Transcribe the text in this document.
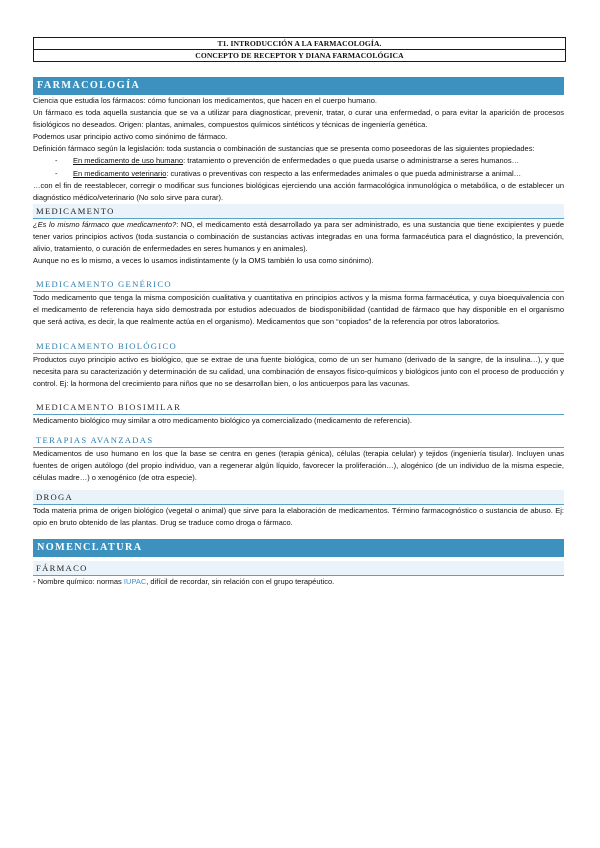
T1. INTRODUCCIÓN A LA FARMACOLOGÍA.
CONCEPTO DE RECEPTOR Y DIANA FARMACOLÓGICA
FARMACOLOGÍA

Ciencia que estudia los fármacos: cómo funcionan los medicamentos, que hacen en el cuerpo humano.

Un fármaco es toda aquella sustancia que se va a utilizar para diagnosticar, prevenir, tratar, o curar una enfermedad, o para evitar la aparición de procesos fisiológicos no deseados. Origen: plantas, animales, compuestos químicos sintéticos y técnicas de ingeniería genética.

Podemos usar principio activo como sinónimo de fármaco.

Definición fármaco según la legislación: toda sustancia o combinación de sustancias que se presenta como poseedoras de las siguientes propiedades:

- En medicamento de uso humano: tratamiento o prevención de enfermedades o que pueda usarse o administrarse a seres humanos…

- En medicamento veterinario: curativas o preventivas con respecto a las enfermedades animales o que pueda administrarse a animal…

…con el fin de reestablecer, corregir o modificar sus funciones biológicas ejerciendo una acción farmacológica inmunológica o metabólica, o de establecer un diagnóstico médico/veterinario (No solo sirve para curar).

MEDICAMENTO

¿Es lo mismo fármaco que medicamento?: NO, el medicamento está desarrollado ya para ser administrado, es una sustancia que tiene excipientes y puede tener varios principios activos (toda sustancia o combinación de sustancias activas integradas en una forma farmacéutica para el diagnóstico, la prevención, alivio, tratamiento, o curación de enfermedades en seres humanos y en animales).

Aunque no es lo mismo, a veces lo usamos indistintamente (y la OMS también lo usa como sinónimo).

MEDICAMENTO GENÉRICO

Todo medicamento que tenga la misma composición cualitativa y cuantitativa en principios activos y la misma forma farmacéutica, y cuya bioequivalencia con el medicamento de referencia haya sido demostrada por estudios adecuados de biodisponibilidad (cantidad de fármaco que hay disponible en el organismo que será activa, es decir, la que realmente actúa en el organismo). Medicamentos que son “copiados” de la referencia por otros laboratorios.

MEDICAMENTO BIOLÓGICO

Productos cuyo principio activo es biológico, que se extrae de una fuente biológica, como de un ser humano (derivado de la sangre, de la insulina…), y que necesita para su caracterización y determinación de su calidad, una combinación de ensayos físico-químicos y biológicos junto con el proceso de producción y control. Ej: la hormona del crecimiento para niños que no se desarrollan bien, o los anticuerpos para las vacunas.

MEDICAMENTO BIOSIMILAR

Medicamento biológico muy similar a otro medicamento biológico ya comercializado (medicamento de referencia).

TERAPIAS AVANZADAS

Medicamentos de uso humano en los que la base se centra en genes (terapia génica), células (terapia celular) y tejidos (ingeniería tisular). Incluyen unas fuentes de origen autólogo (del propio individuo, van a regenerar algún líquido, favorecer la proliferación…), alogénico (de un individuo de la misma especie, células madre…) o xenogénico (de otra especie).

DROGA

Toda materia prima de origen biológico (vegetal o animal) que sirve para la elaboración de medicamentos. Término farmacognóstico o sustancia de abuso. Ej: opio en bruto obtenido de las plantas. Drug se traduce como droga o fármaco.

NOMENCLATURA
FÁRMACO

- Nombre químico: normas IUPAC, difícil de recordar, sin relación con el grupo terapéutico.
